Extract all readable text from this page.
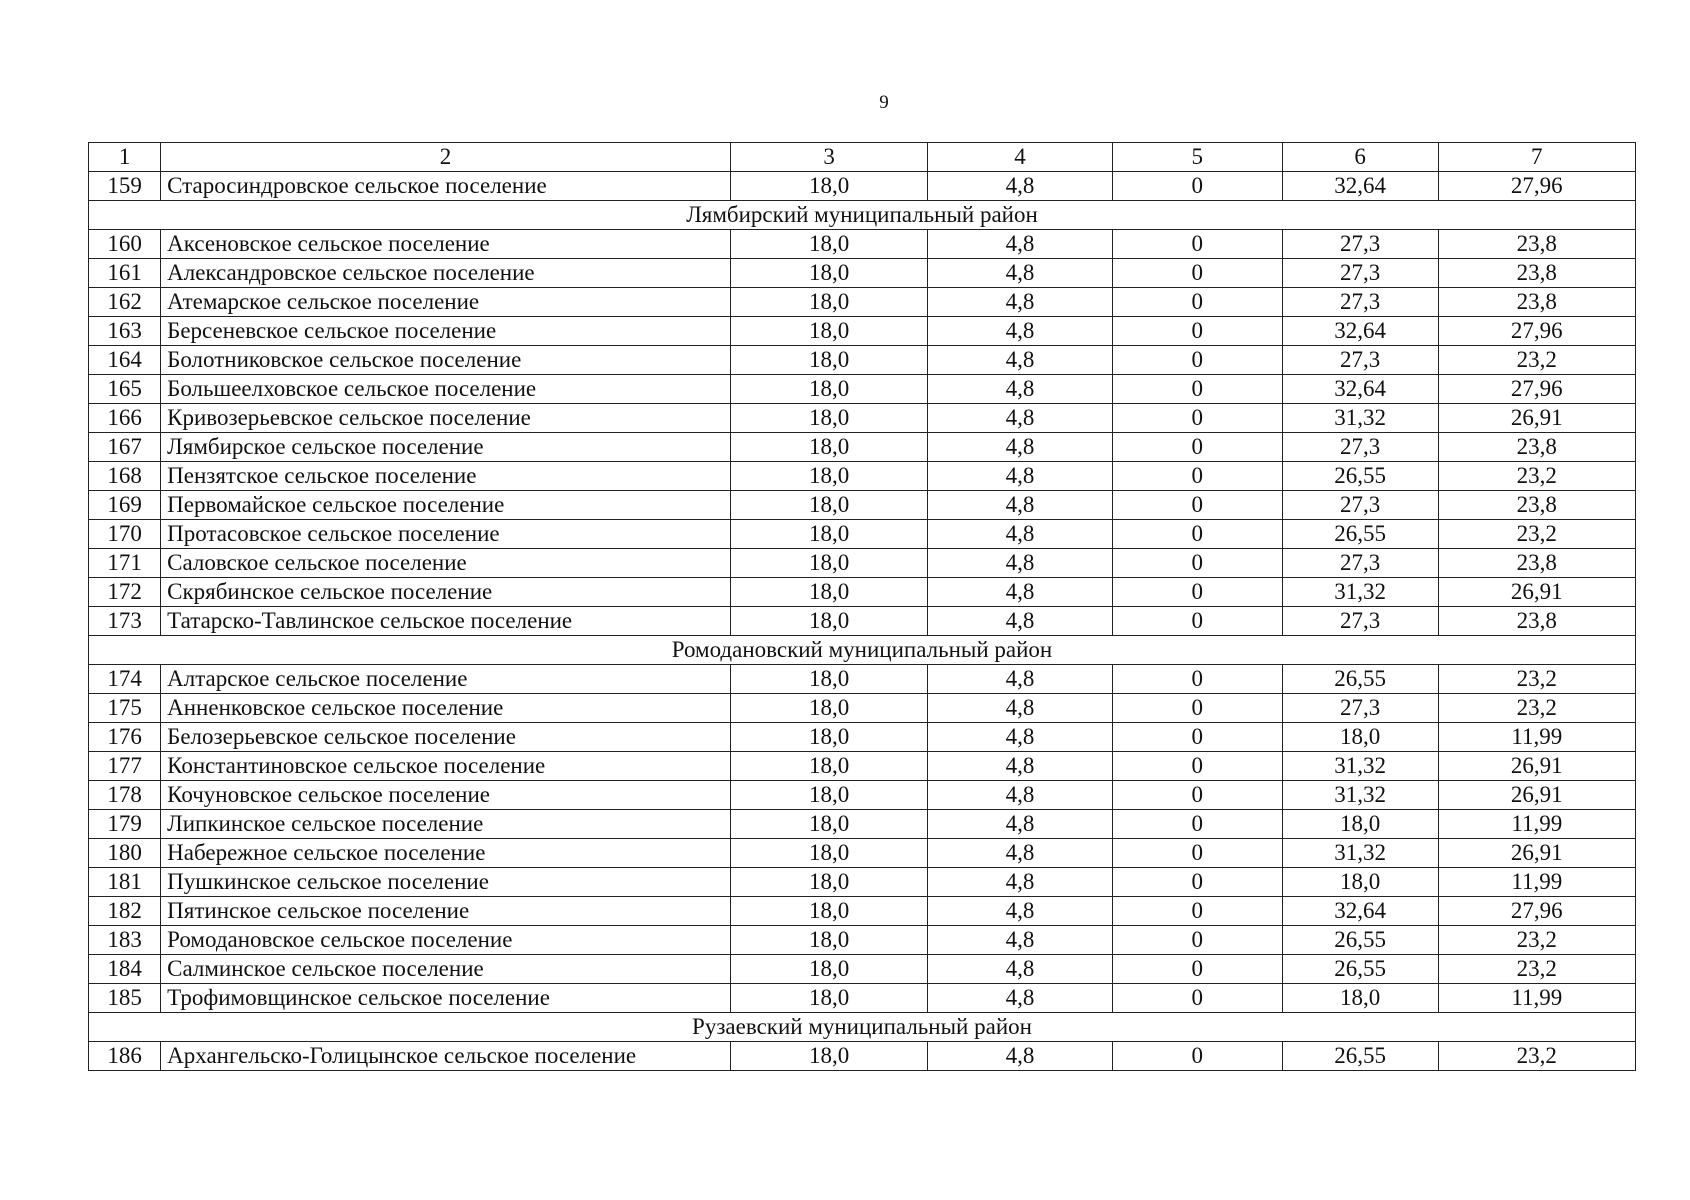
9
1	2	3	4	5	6	7
159	Старосиндровское сельское поселение	18,0	4,8	0	32,64	27,96
Лямбирский муниципальный район						
160	Аксеновское сельское поселение	18,0	4,8	0	27,3	23,8
161	Александровское сельское поселение	18,0	4,8	0	27,3	23,8
162	Атемарское сельское поселение	18,0	4,8	0	27,3	23,8
163	Берсеневское сельское поселение	18,0	4,8	0	32,64	27,96
164	Болотниковское сельское поселение	18,0	4,8	0	27,3	23,2
165	Большеелховское сельское поселение	18,0	4,8	0	32,64	27,96
166	Кривозерьевское сельское поселение	18,0	4,8	0	31,32	26,91
167	Лямбирское сельское поселение	18,0	4,8	0	27,3	23,8
168	Пензятское сельское поселение	18,0	4,8	0	26,55	23,2
169	Первомайское сельское поселение	18,0	4,8	0	27,3	23,8
170	Протасовское сельское поселение	18,0	4,8	0	26,55	23,2
171	Саловское сельское поселение	18,0	4,8	0	27,3	23,8
172	Скрябинское сельское поселение	18,0	4,8	0	31,32	26,91
173	Татарско-Тавлинское сельское поселение	18,0	4,8	0	27,3	23,8
Ромодановский муниципальный район						
174	Алтарское сельское поселение	18,0	4,8	0	26,55	23,2
175	Анненковское сельское поселение	18,0	4,8	0	27,3	23,2
176	Белозерьевское сельское поселение	18,0	4,8	0	18,0	11,99
177	Константиновское сельское поселение	18,0	4,8	0	31,32	26,91
178	Кочуновское сельское поселение	18,0	4,8	0	31,32	26,91
179	Липкинское сельское поселение	18,0	4,8	0	18,0	11,99
180	Набережное сельское поселение	18,0	4,8	0	31,32	26,91
181	Пушкинское сельское поселение	18,0	4,8	0	18,0	11,99
182	Пятинское сельское поселение	18,0	4,8	0	32,64	27,96
183	Ромодановское сельское поселение	18,0	4,8	0	26,55	23,2
184	Салминское сельское поселение	18,0	4,8	0	26,55	23,2
185	Трофимовщинское сельское поселение	18,0	4,8	0	18,0	11,99
Рузаевский муниципальный район						
186	Архангельско-Голицынское сельское поселение	18,0	4,8	0	26,55	23,2
